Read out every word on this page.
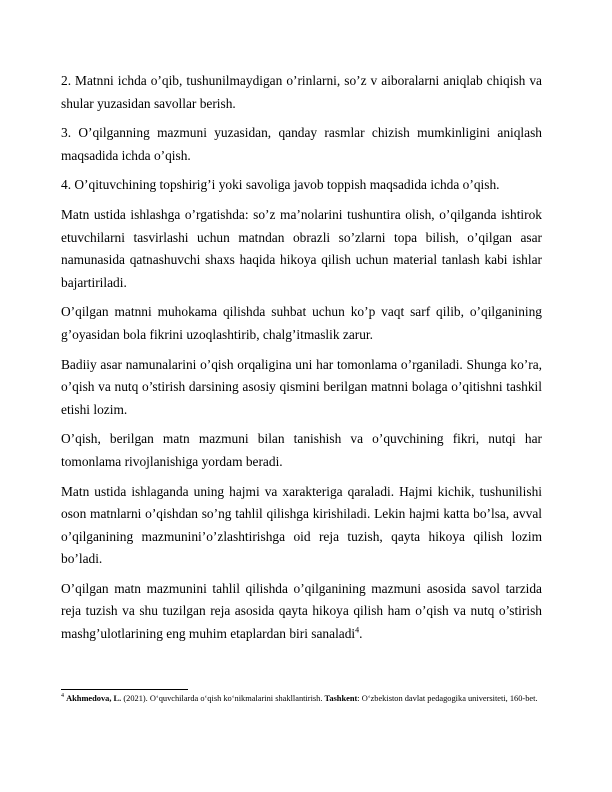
2. Matnni ichda o’qib, tushunilmaydigan o’rinlarni, so’z v aiboralarni aniqlab chiqish va shular yuzasidan savollar berish.

3. O’qilganning mazmuni yuzasidan, qanday rasmlar chizish mumkinligini aniqlash maqsadida ichda o’qish.

4. O’qituvchining topshirig’i yoki savoliga javob toppish maqsadida ichda o’qish.

Matn ustida ishlashga o’rgatishda: so’z ma’nolarini tushuntira olish, o’qilganda ishtirok etuvchilarni tasvirlashi uchun matndan obrazli so’zlarni topa bilish, o’qilgan asar namunasida qatnashuvchi shaxs haqida hikoya qilish uchun material tanlash kabi ishlar bajartiriladi.

O’qilgan matnni muhokama qilishda suhbat uchun ko’p vaqt sarf qilib, o’qilganining g’oyasidan bola fikrini uzoqlashtirib, chalg’itmaslik zarur.

Badiiy asar namunalarini o’qish orqaligina uni har tomonlama o’rganiladi. Shunga ko’ra, o’qish va nutq o’stirish darsining asosiy qismini berilgan matnni bolaga o’qitishni tashkil etishi lozim.

O’qish, berilgan matn mazmuni bilan tanishish va o’quvchining fikri, nutqi har tomonlama rivojlanishiga yordam beradi.

Matn ustida ishlaganda uning hajmi va xarakteriga qaraladi. Hajmi kichik, tushunilishi oson matnlarni o’qishdan so’ng tahlil qilishga kirishiladi. Lekin hajmi katta bo’lsa, avval o’qilganining mazmunini’o’zlashtirishga oid reja tuzish, qayta hikoya qilish lozim bo’ladi.

O’qilgan matn mazmunini tahlil qilishda o’qilganining mazmuni asosida savol tarzida reja tuzish va shu tuzilgan reja asosida qayta hikoya qilish ham o’qish va nutq o’stirish mashg’ulotlarining eng muhim etaplardan biri sanaladi$^4$.

$^4$ Akhmedova, L. (2021). O‘quvchilarda o‘qish ko‘nikmalarini shakllantirish. Tashkent: O‘zbekiston davlat pedagogika universiteti, 160-bet.
